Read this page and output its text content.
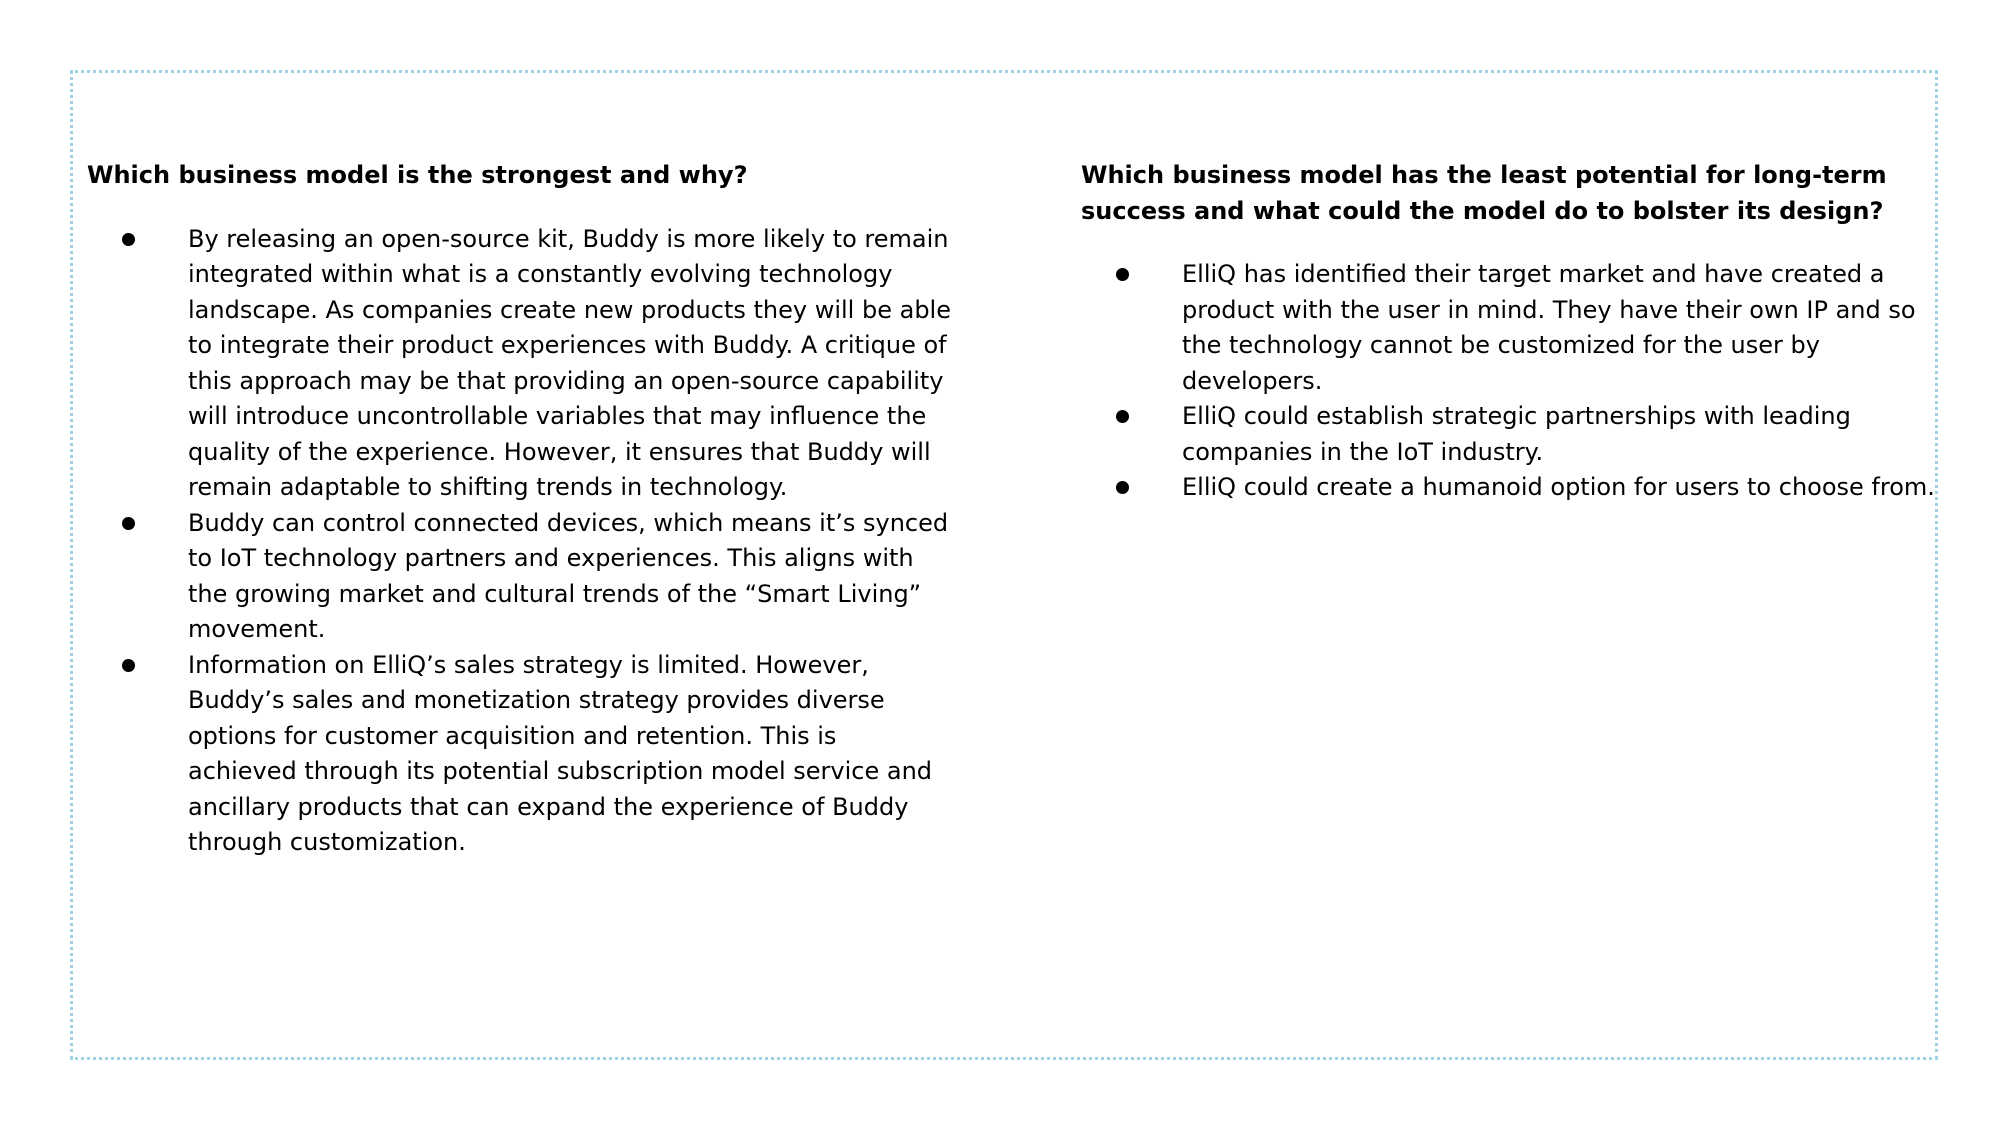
Which business model is the strongest and why?
By releasing an open-source kit, Buddy is more likely to remain
integrated within what is a constantly evolving technology
landscape. As companies create new products they will be able
to integrate their product experiences with Buddy. A critique of
this approach may be that providing an open-source capability
will introduce uncontrollable variables that may influence the
quality of the experience. However, it ensures that Buddy will
remain adaptable to shifting trends in technology.
Buddy can control connected devices, which means it’s synced
to IoT technology partners and experiences. This aligns with
the growing market and cultural trends of the “Smart Living”
movement.
Information on ElliQ’s sales strategy is limited. However,
Buddy’s sales and monetization strategy provides diverse
options for customer acquisition and retention. This is
achieved through its potential subscription model service and
ancillary products that can expand the experience of Buddy
through customization.
Which business model has the least potential for long-term
success and what could the model do to bolster its design?
ElliQ has identified their target market and have created a
product with the user in mind. They have their own IP and so
the technology cannot be customized for the user by
developers.
ElliQ could establish strategic partnerships with leading
companies in the IoT industry.
ElliQ could create a humanoid option for users to choose from.
